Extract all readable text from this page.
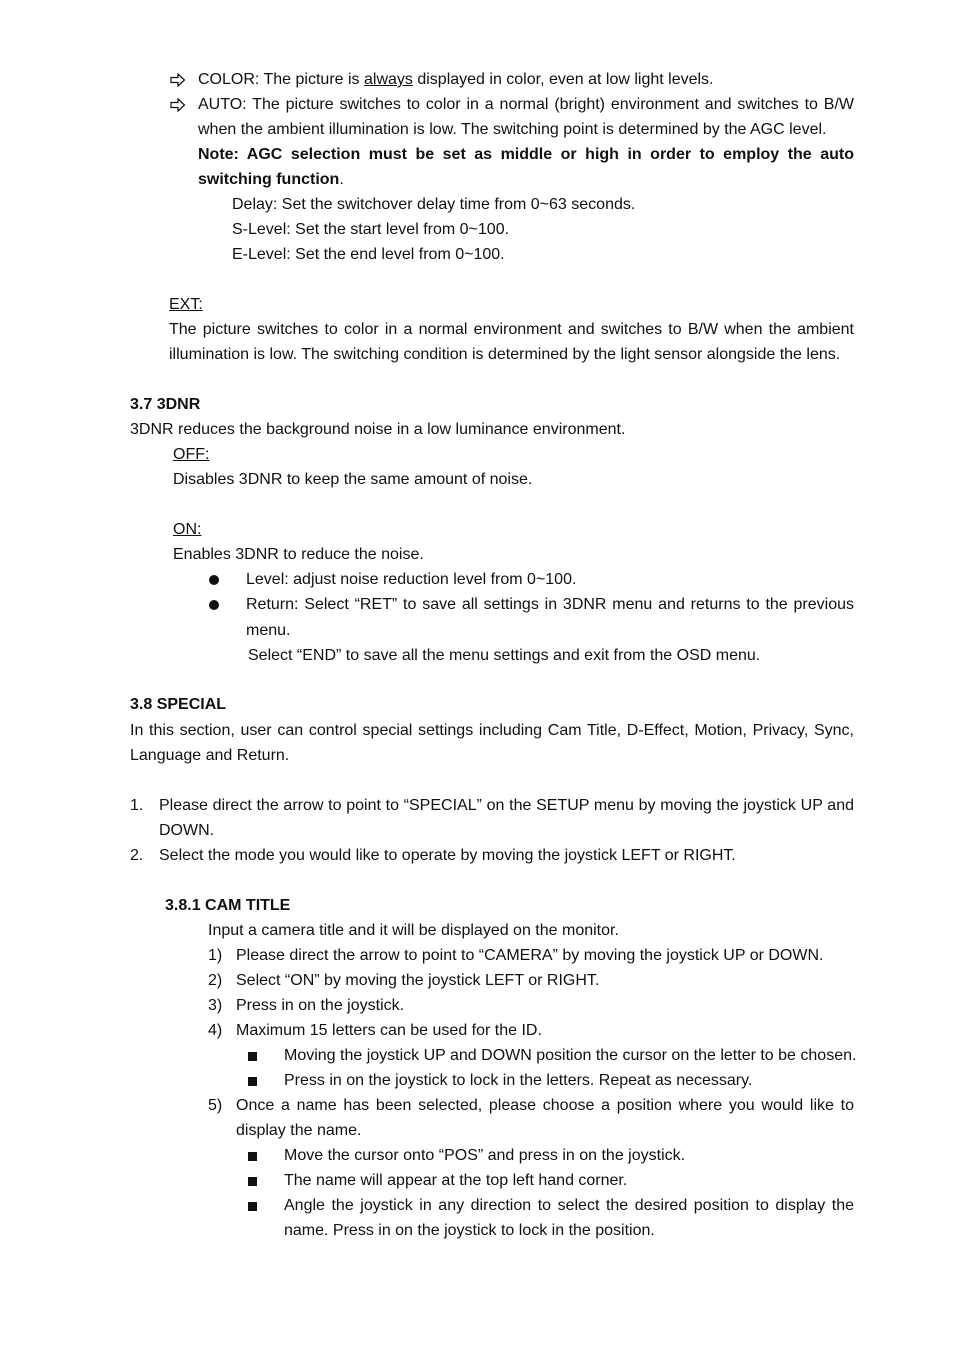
COLOR: The picture is always displayed in color, even at low light levels.
AUTO: The picture switches to color in a normal (bright) environment and switches to B/W
when the ambient illumination is low. The switching point is determined by the AGC level.
Note: AGC selection must be set as middle or high in order to employ the auto
switching function.
Delay: Set the switchover delay time from 0~63 seconds.
S-Level: Set the start level from 0~100.
E-Level: Set the end level from 0~100.
EXT:
The picture switches to color in a normal environment and switches to B/W when the ambient
illumination is low. The switching condition is determined by the light sensor alongside the lens.
3.7 3DNR
3DNR reduces the background noise in a low luminance environment.
OFF:
Disables 3DNR to keep the same amount of noise.
ON:
Enables 3DNR to reduce the noise.
Level: adjust noise reduction level from 0~100.
Return: Select “RET” to save all settings in 3DNR menu and returns to the previous
menu.
Select “END” to save all the menu settings and exit from the OSD menu.
3.8 SPECIAL
In this section, user can control special settings including Cam Title, D-Effect, Motion, Privacy, Sync,
Language and Return.
1. Please direct the arrow to point to “SPECIAL” on the SETUP menu by moving the joystick UP and
DOWN.
2. Select the mode you would like to operate by moving the joystick LEFT or RIGHT.
3.8.1 CAM TITLE
Input a camera title and it will be displayed on the monitor.
1) Please direct the arrow to point to “CAMERA” by moving the joystick UP or DOWN.
2) Select “ON” by moving the joystick LEFT or RIGHT.
3) Press in on the joystick.
4) Maximum 15 letters can be used for the ID.
Moving the joystick UP and DOWN position the cursor on the letter to be chosen.
Press in on the joystick to lock in the letters. Repeat as necessary.
5) Once a name has been selected, please choose a position where you would like to
display the name.
Move the cursor onto “POS” and press in on the joystick.
The name will appear at the top left hand corner.
Angle the joystick in any direction to select the desired position to display the
name. Press in on the joystick to lock in the position.
